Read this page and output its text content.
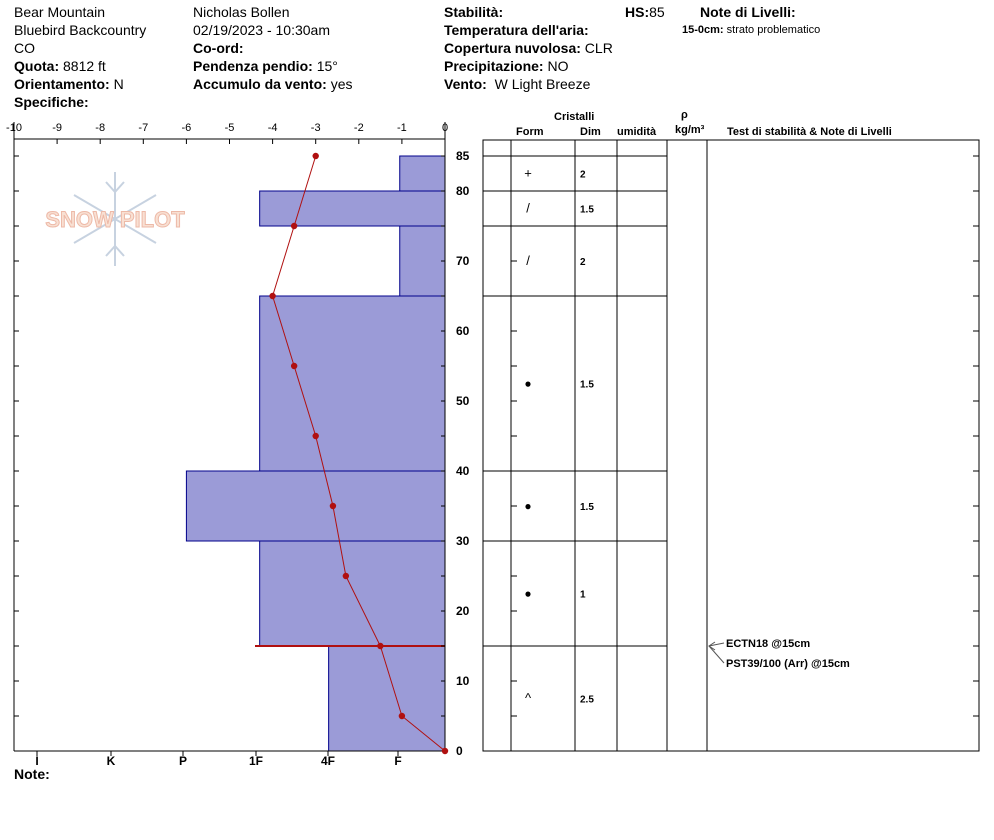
Bear Mountain
Bluebird Backcountry
CO
Quota: 8812 ft
Orientamento: N
Specifiche:
Nicholas Bollen
02/19/2023 - 10:30am
Co-ord:
Pendenza pendio: 15°
Accumulo da vento: yes
Stabilità:
Temperatura dell'aria:
Copertura nuvolosa: CLR
Precipitazione: NO
Vento: W Light Breeze
HS:85	Note di Livelli:
15-0cm: strato problematico
Cristalli
Form	Dim umidità
ρ
kg/m³ Test di stabilità & Note di Livelli
Note:
SNOW PILOT
-10	-9	-8	-7	-6	-5	-4	-3	-2	-1	0
0
10
20
30
40
50
60
70
80
85
I	K	P	1F	4F	F
+	2
/	1.5
/	2
●	1.5
●	1.5
●	1
^	2.5
ECTN18 @15cm
PST39/100 (Arr) @15cm
